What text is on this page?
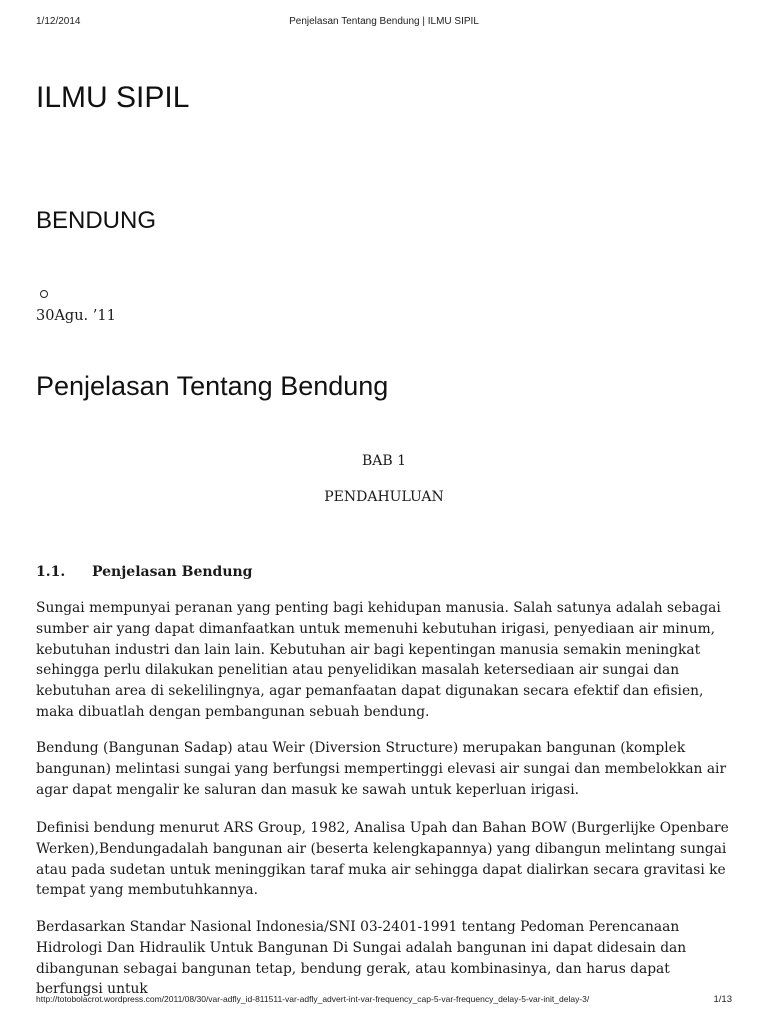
1/12/2014	Penjelasan Tentang Bendung | ILMU SIPIL
ILMU SIPIL
BENDUNG
30Agu. ’11
Penjelasan Tentang Bendung
BAB 1
PENDAHULUAN
1.1. Penjelasan Bendung

Sungai mempunyai peranan yang penting bagi kehidupan manusia. Salah satunya adalah sebagai sumber air yang dapat dimanfaatkan untuk memenuhi kebutuhan irigasi, penyediaan air minum, kebutuhan industri dan lain lain. Kebutuhan air bagi kepentingan manusia semakin meningkat sehingga perlu dilakukan penelitian atau penyelidikan masalah ketersediaan air sungai dan kebutuhan area di sekelilingnya, agar pemanfaatan dapat digunakan secara efektif dan efisien, maka dibuatlah dengan pembangunan sebuah bendung.

Bendung (Bangunan Sadap) atau Weir (Diversion Structure) merupakan bangunan (komplek bangunan) melintasi sungai yang berfungsi mempertinggi elevasi air sungai dan membelokkan air agar dapat mengalir ke saluran dan masuk ke sawah untuk keperluan irigasi.

Definisi bendung menurut ARS Group, 1982, Analisa Upah dan Bahan BOW (Burgerlijke Openbare Werken),Bendungadalah bangunan air (beserta kelengkapannya) yang dibangun melintang sungai atau pada sudetan untuk meninggikan taraf muka air sehingga dapat dialirkan secara gravitasi ke tempat yang membutuhkannya.

Berdasarkan Standar Nasional Indonesia/SNI 03-2401-1991 tentang Pedoman Perencanaan Hidrologi Dan Hidraulik Untuk Bangunan Di Sungai adalah bangunan ini dapat didesain dan dibangunan sebagai bangunan tetap, bendung gerak, atau kombinasinya, dan harus dapat berfungsi untuk

http://totobolacrot.wordpress.com/2011/08/30/var-adfly_id-811511-var-adfly_advert-int-var-frequency_cap-5-var-frequency_delay-5-var-init_delay-3/	1/13
